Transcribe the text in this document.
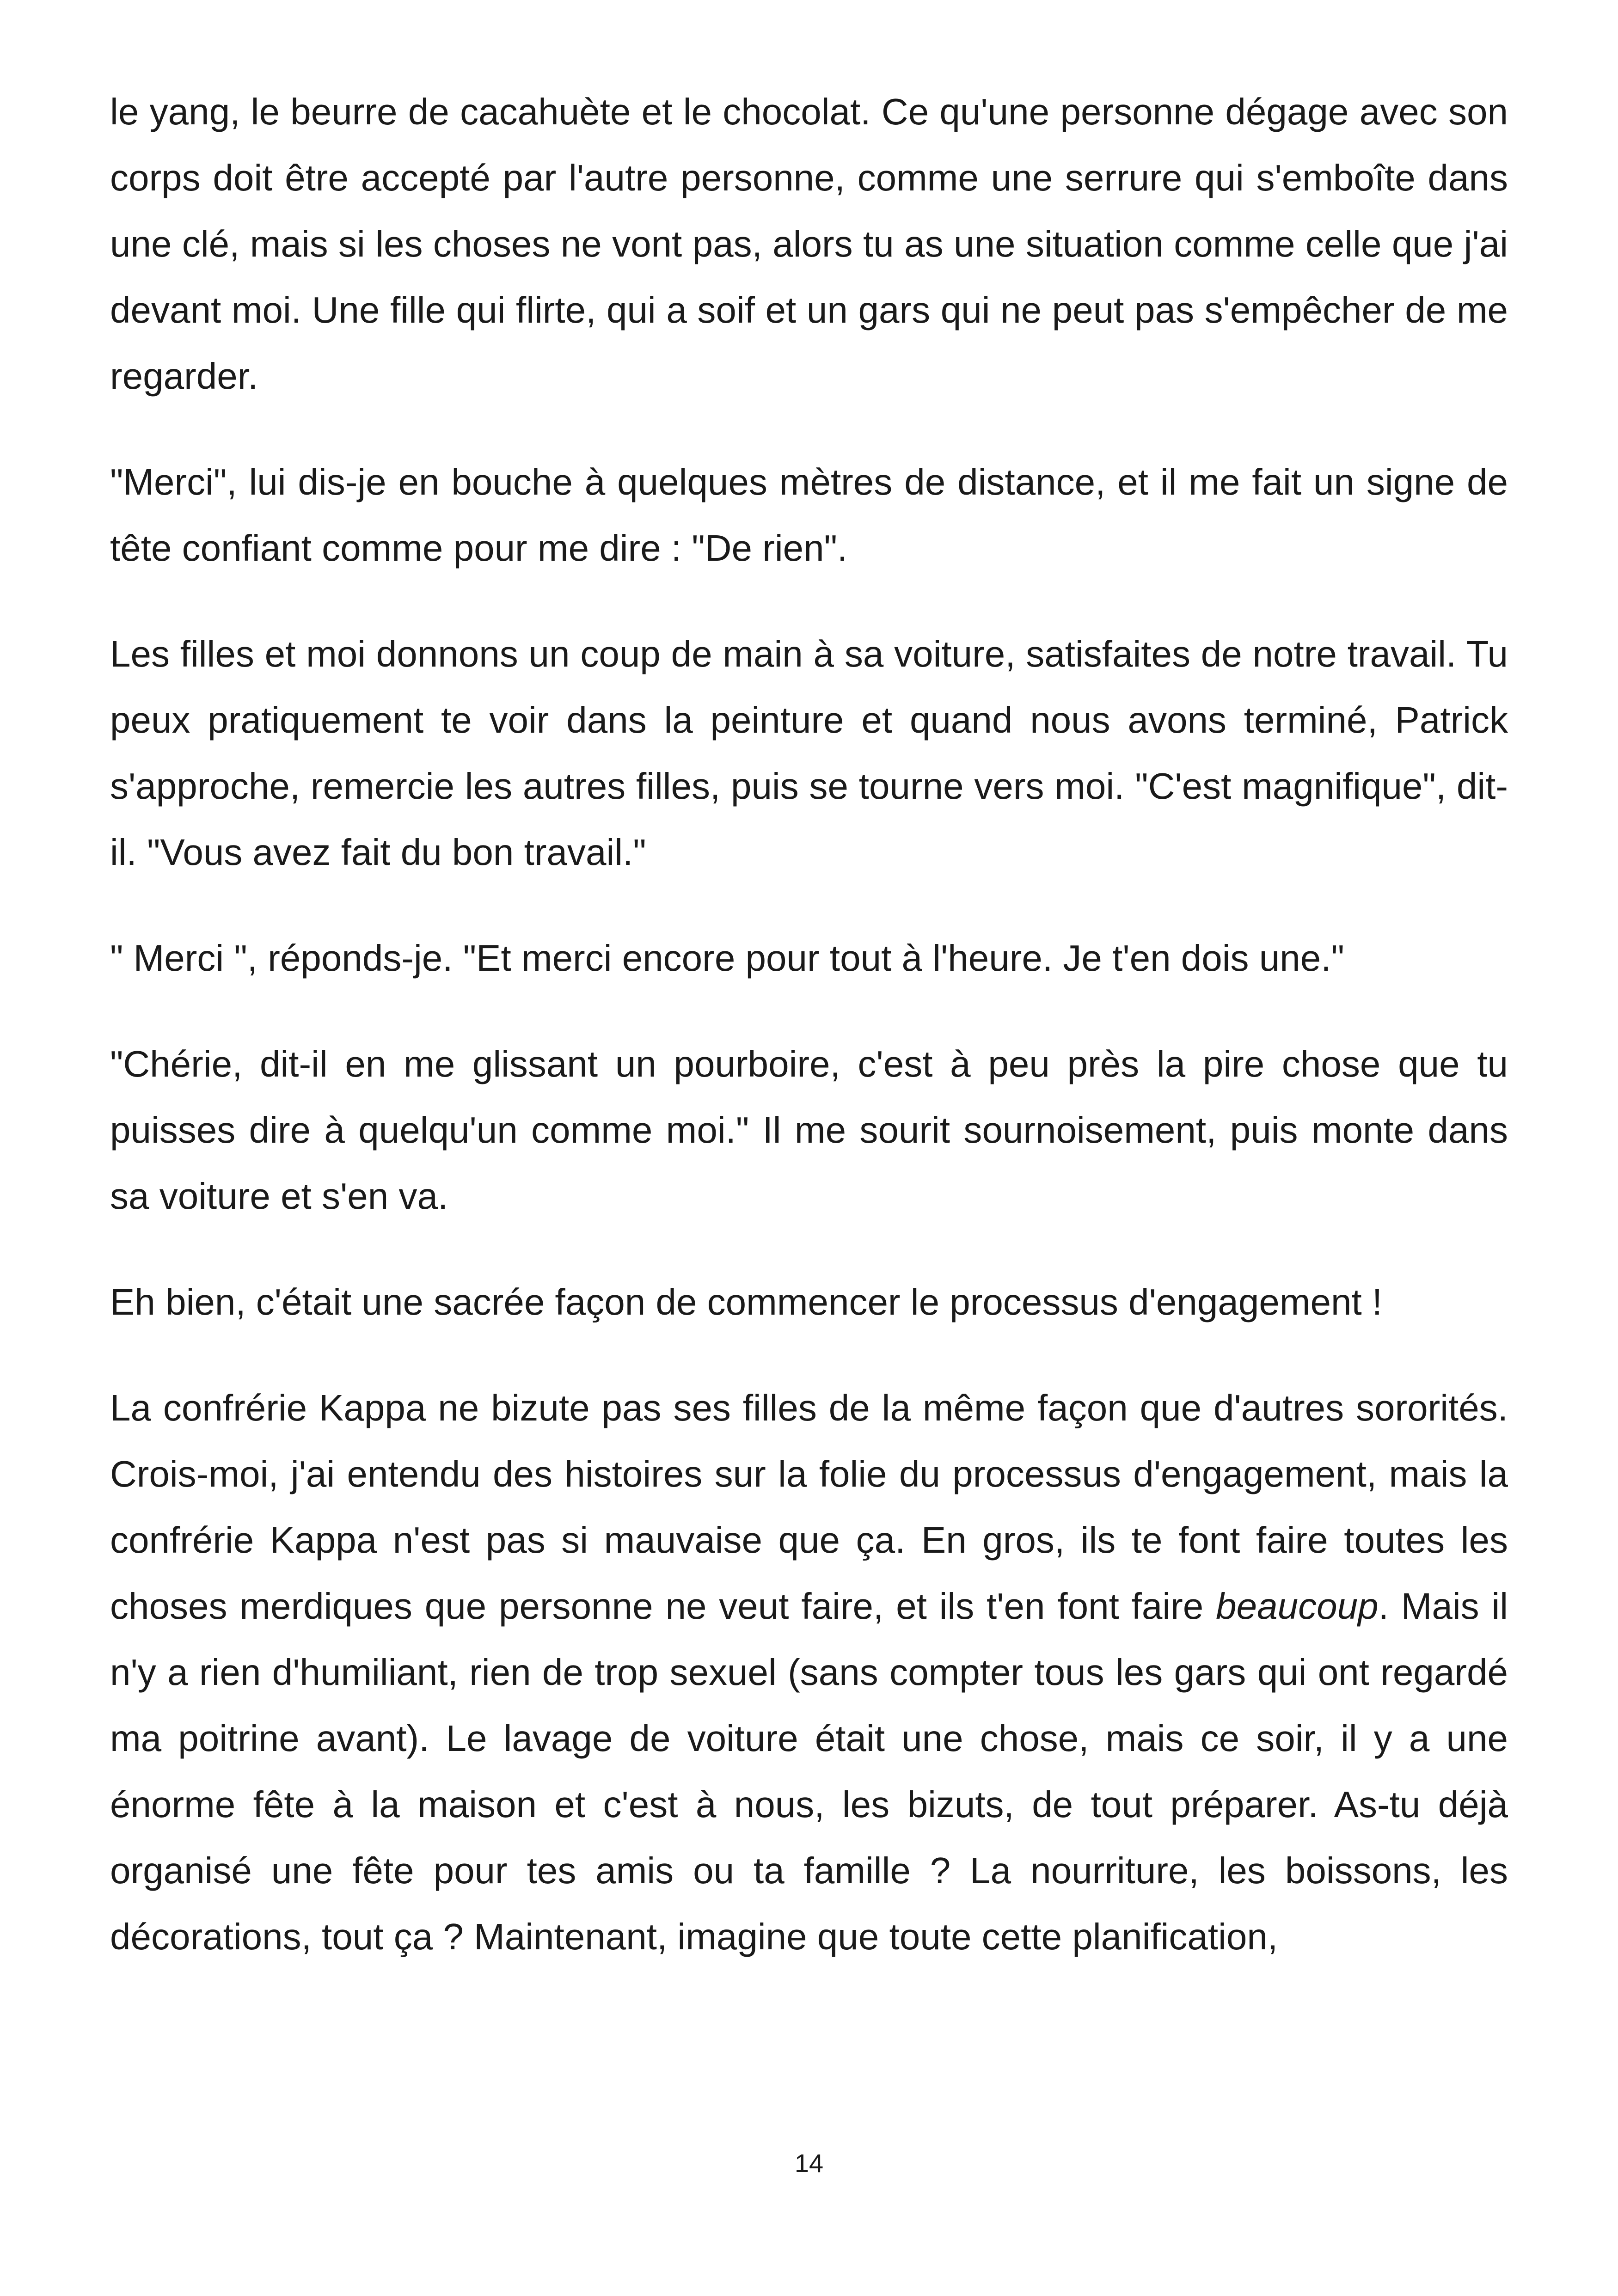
le yang, le beurre de cacahuète et le chocolat. Ce qu'une personne dégage avec son corps doit être accepté par l'autre personne, comme une serrure qui s'emboîte dans une clé, mais si les choses ne vont pas, alors tu as une situation comme celle que j'ai devant moi. Une fille qui flirte, qui a soif et un gars qui ne peut pas s'empêcher de me regarder.

"Merci", lui dis-je en bouche à quelques mètres de distance, et il me fait un signe de tête confiant comme pour me dire : "De rien".

Les filles et moi donnons un coup de main à sa voiture, satisfaites de notre travail. Tu peux pratiquement te voir dans la peinture et quand nous avons terminé, Patrick s'approche, remercie les autres filles, puis se tourne vers moi. "C'est magnifique", dit-il. "Vous avez fait du bon travail."

" Merci ", réponds-je. "Et merci encore pour tout à l'heure. Je t'en dois une."

"Chérie, dit-il en me glissant un pourboire, c'est à peu près la pire chose que tu puisses dire à quelqu'un comme moi." Il me sourit sournoisement, puis monte dans sa voiture et s'en va.

Eh bien, c'était une sacrée façon de commencer le processus d'engagement !

La confrérie Kappa ne bizute pas ses filles de la même façon que d'autres sororités. Crois-moi, j'ai entendu des histoires sur la folie du processus d'engagement, mais la confrérie Kappa n'est pas si mauvaise que ça. En gros, ils te font faire toutes les choses merdiques que personne ne veut faire, et ils t'en font faire beaucoup. Mais il n'y a rien d'humiliant, rien de trop sexuel (sans compter tous les gars qui ont regardé ma poitrine avant). Le lavage de voiture était une chose, mais ce soir, il y a une énorme fête à la maison et c'est à nous, les bizuts, de tout préparer. As-tu déjà organisé une fête pour tes amis ou ta famille ? La nourriture, les boissons, les décorations, tout ça ? Maintenant, imagine que toute cette planification,

14
